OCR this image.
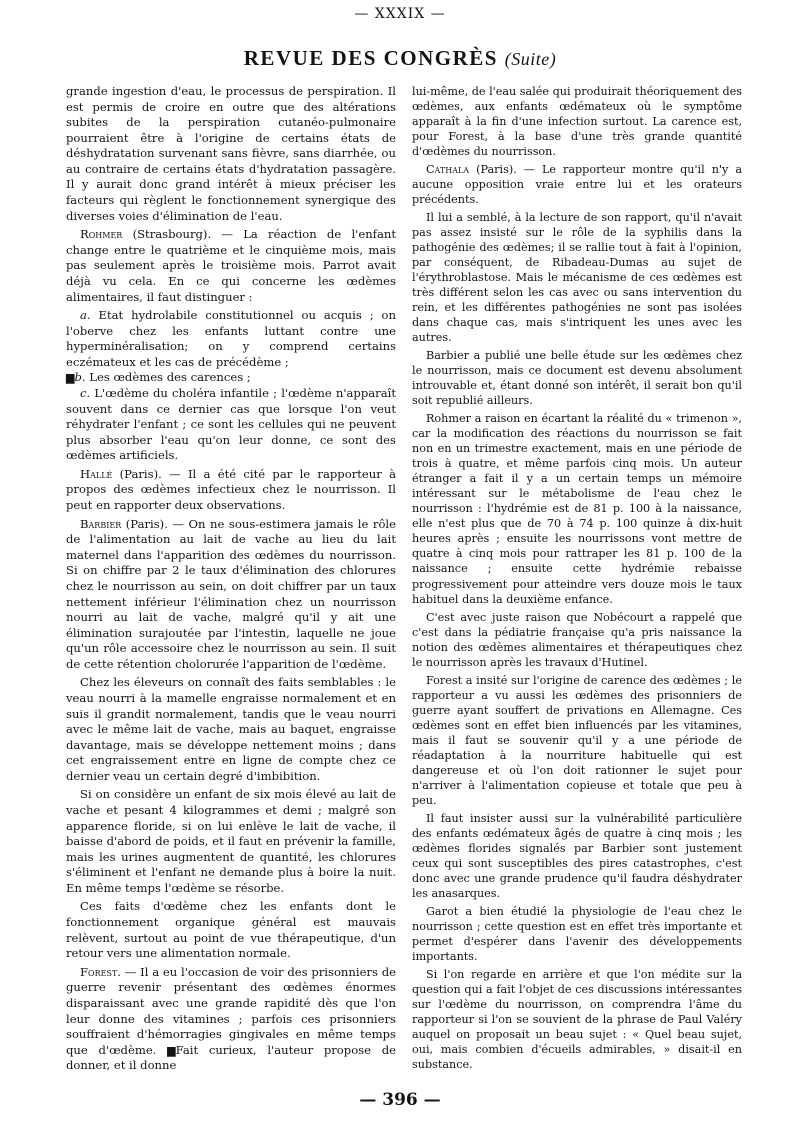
— XXXIX —
REVUE DES CONGRÈS (Suite)

grande ingestion d'eau, le processus de perspiration. Il est permis de croire en outre que des altérations subites de la perspiration cutanéo-pulmonaire pourraient être à l'origine de certains états de déshydratation survenant sans fièvre, sans diarrhée, ou au contraire de certains états d'hydratation passagère. Il y aurait donc grand intérêt à mieux préciser les facteurs qui règlent le fonctionnement synergique des diverses voies d'élimination de l'eau.

Rohmer (Strasbourg). — La réaction de l'enfant change entre le quatrième et le cinquième mois, mais pas seulement après le troisième mois. Parrot avait déjà vu cela. En ce qui concerne les œdèmes alimentaires, il faut distinguer :

a. Etat hydrolabile constitutionnel ou acquis ; on l'oberve chez les enfants luttant contre une hyperminéralisation; on y comprend certains eczémateux et les cas de précédème ;

▆b. Les œdèmes des carences ;

c. L'œdème du choléra infantile ; l'œdème n'apparaît souvent dans ce dernier cas que lorsque l'on veut réhydrater l'enfant ; ce sont les cellules qui ne peuvent plus absorber l'eau qu'on leur donne, ce sont des œdèmes artificiels.

Hallé (Paris). — Il a été cité par le rapporteur à propos des œdèmes infectieux chez le nourrisson. Il peut en rapporter deux observations.

Barbier (Paris). — On ne sous-estimera jamais le rôle de l'alimentation au lait de vache au lieu du lait maternel dans l'apparition des œdèmes du nourrisson. Si on chiffre par 2 le taux d'élimination des chlorures chez le nourrisson au sein, on doit chiffrer par un taux nettement inférieur l'élimination chez un nourrisson nourri au lait de vache, malgré qu'il y ait une élimination surajoutée par l'intestin, laquelle ne joue qu'un rôle accessoire chez le nourrisson au sein. Il suit de cette rétention cholorurée l'apparition de l'œdème.

Chez les éleveurs on connaît des faits semblables : le veau nourri à la mamelle engraisse normalement et en suis il grandit normalement, tandis que le veau nourri avec le même lait de vache, mais au baquet, engraisse davantage, mais se développe nettement moins ; dans cet engraissement entre en ligne de compte chez ce dernier veau un certain degré d'imbibition.

Si on considère un enfant de six mois élevé au lait de vache et pesant 4 kilogrammes et demi ; malgré son apparence floride, si on lui enlève le lait de vache, il baisse d'abord de poids, et il faut en prévenir la famille, mais les urines augmentent de quantité, les chlorures s'éliminent et l'enfant ne demande plus à boire la nuit. En même temps l'œdème se résorbe.

Ces faits d'œdème chez les enfants dont le fonctionnement organique général est mauvais relèvent, surtout au point de vue thérapeutique, d'un retour vers une alimentation normale.

Forest. — Il a eu l'occasion de voir des prisonniers de guerre revenir présentant des œdèmes énormes disparaissant avec une grande rapidité dès que l'on leur donne des vitamines ; parfois ces prisonniers souffraient d'hémorragies gingivales en même temps que d'œdème. ▆Fait curieux, l'auteur propose de donner, et il donne

lui-même, de l'eau salée qui produirait théoriquement des œdèmes, aux enfants œdémateux où le symptôme apparaît à la fin d'une infection surtout. La carence est, pour Forest, à la base d'une très grande quantité d'œdèmes du nourrisson.

Cathala (Paris). — Le rapporteur montre qu'il n'y a aucune opposition vraie entre lui et les orateurs précédents.

Il lui a semblé, à la lecture de son rapport, qu'il n'avait pas assez insisté sur le rôle de la syphilis dans la pathogénie des œdèmes; il se rallie tout à fait à l'opinion, par conséquent, de Ribadeau-Dumas au sujet de l'érythroblastose. Mais le mécanisme de ces œdèmes est très différent selon les cas avec ou sans intervention du rein, et les différentes pathogénies ne sont pas isolées dans chaque cas, mais s'intriquent les unes avec les autres.

Barbier a publié une belle étude sur les œdèmes chez le nourrisson, mais ce document est devenu absolument introuvable et, étant donné son intérêt, il serait bon qu'il soit republié ailleurs.

Rohmer a raison en écartant la réalité du « trimenon », car la modification des réactions du nourrisson se fait non en un trimestre exactement, mais en une période de trois à quatre, et même parfois cinq mois. Un auteur étranger a fait il y a un certain temps un mémoire intéressant sur le métabolisme de l'eau chez le nourrisson : l'hydrémie est de 81 p. 100 à la naissance, elle n'est plus que de 70 à 74 p. 100 quinze à dix-huit heures après ; ensuite les nourrissons vont mettre de quatre à cinq mois pour rattraper les 81 p. 100 de la naissance ; ensuite cette hydrémie rebaisse progressivement pour atteindre vers douze mois le taux habituel dans la deuxième enfance.

C'est avec juste raison que Nobécourt a rappelé que c'est dans la pédiatrie française qu'a pris naissance la notion des œdèmes alimentaires et thérapeutiques chez le nourrisson après les travaux d'Hutinel.

Forest a insité sur l'origine de carence des œdèmes ; le rapporteur a vu aussi les œdèmes des prisonniers de guerre ayant souffert de privations en Allemagne. Ces œdèmes sont en effet bien influencés par les vitamines, mais il faut se souvenir qu'il y a une période de réadaptation à la nourriture habituelle qui est dangereuse et où l'on doit rationner le sujet pour n'arriver à l'alimentation copieuse et totale que peu à peu.

Il faut insister aussi sur la vulnérabilité particulière des enfants œdémateux âgés de quatre à cinq mois ; les œdèmes florides signalés par Barbier sont justement ceux qui sont susceptibles des pires catastrophes, c'est donc avec une grande prudence qu'il faudra déshydrater les anasarques.

Garot a bien étudié la physiologie de l'eau chez le nourrisson ; cette question est en effet très importante et permet d'espérer dans l'avenir des développements importants.

Si l'on regarde en arrière et que l'on médite sur la question qui a fait l'objet de ces discussions intéressantes sur l'œdème du nourrisson, on comprendra l'âme du rapporteur si l'on se souvient de la phrase de Paul Valéry auquel on proposait un beau sujet : « Quel beau sujet, oui, mais combien d'écueils admirables, » disait-il en substance.

— 396 —
